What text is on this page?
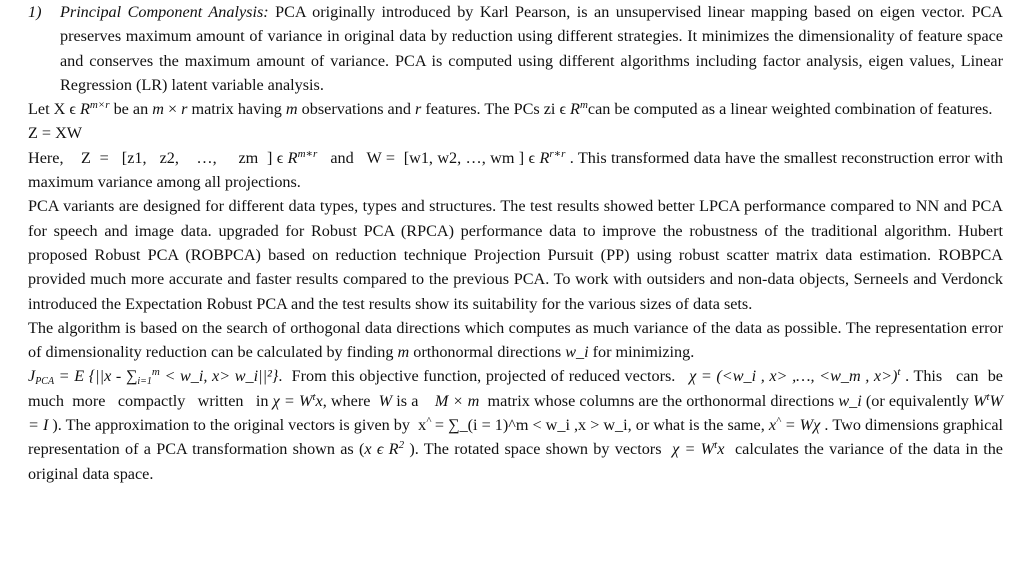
1) Principal Component Analysis: PCA originally introduced by Karl Pearson, is an unsupervised linear mapping based on eigen vector. PCA preserves maximum amount of variance in original data by reduction using different strategies. It minimizes the dimensionality of feature space and conserves the maximum amount of variance. PCA is computed using different algorithms including factor analysis, eigen values, Linear Regression (LR) latent variable analysis.

Let X ϵ $R^{m\times r}$ be an m × r matrix having m observations and r features. The PCs zi ϵ $R^mcan$ be computed as a linear weighted combination of features.

Z = XW

Here,    Z  =   [z1,   z2,    …,     zm  ] ϵ $R^{m∗r}$   and   W =  [w1, w2, …, wm ] ϵ $R^{r∗r}$ . This transformed data have the smallest reconstruction error with maximum variance among all projections.

PCA variants are designed for different data types, types and structures. The test results showed better LPCA performance compared to NN and PCA for speech and image data. upgraded for Robust PCA (RPCA) performance data to improve the robustness of the traditional algorithm. Hubert proposed Robust PCA (ROBPCA) based on reduction technique Projection Pursuit (PP) using robust scatter matrix data estimation. ROBPCA provided much more accurate and faster results compared to the previous PCA. To work with outsiders and non-data objects, Serneels and Verdonck introduced the Expectation Robust PCA and the test results show its suitability for the various sizes of data sets.

The algorithm is based on the search of orthogonal data directions which computes as much variance of the data as possible. The representation error of dimensionality reduction can be calculated by finding m orthonormal directions w_i for minimizing.

$J_{PCA} = E$ {$||x - \sum_{i=1}^m$ < w_i, x> w_i||²}.  From this objective function, projected of reduced vectors.   χ = (<w_i , x> ,…, <w_m , x>)$^t$ . This   can  be  much  more   compactly   written   in $\chi = W^tx$, where  W is a    M × m  matrix whose columns are the orthonormal directions w_i (or equivalently $W^tW = I$ ). The approximation to the original vectors is given by  x^ = ∑_(i = 1)^m < w_i ,x > w_i, or what is the same, x^ = Wχ . Two dimensions graphical representation of a PCA transformation shown as (x ϵ $R^2$ ). The rotated space shown by vectors  $\chi = W^tx$  calculates the variance of the data in the original data space.
